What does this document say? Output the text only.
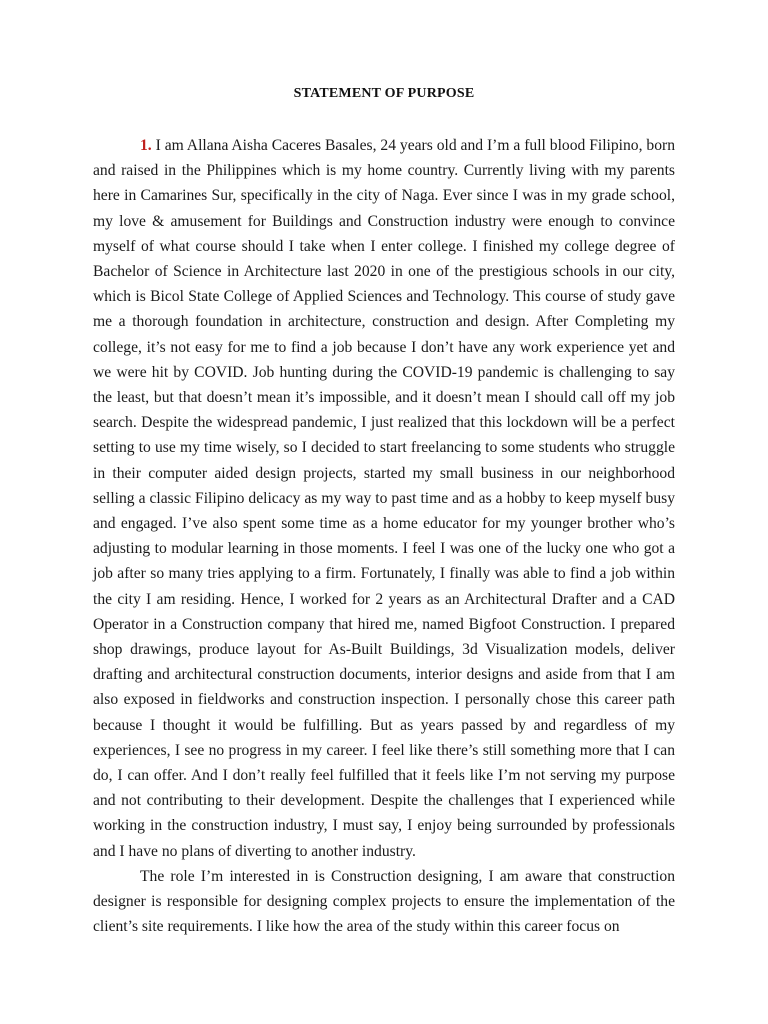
STATEMENT OF PURPOSE

1. I am Allana Aisha Caceres Basales, 24 years old and I’m a full blood Filipino, born and raised in the Philippines which is my home country. Currently living with my parents here in Camarines Sur, specifically in the city of Naga. Ever since I was in my grade school, my love & amusement for Buildings and Construction industry were enough to convince myself of what course should I take when I enter college. I finished my college degree of Bachelor of Science in Architecture last 2020 in one of the prestigious schools in our city, which is Bicol State College of Applied Sciences and Technology. This course of study gave me a thorough foundation in architecture, construction and design. After Completing my college, it’s not easy for me to find a job because I don’t have any work experience yet and we were hit by COVID. Job hunting during the COVID-19 pandemic is challenging to say the least, but that doesn’t mean it’s impossible, and it doesn’t mean I should call off my job search. Despite the widespread pandemic, I just realized that this lockdown will be a perfect setting to use my time wisely, so I decided to start freelancing to some students who struggle in their computer aided design projects, started my small business in our neighborhood selling a classic Filipino delicacy as my way to past time and as a hobby to keep myself busy and engaged. I’ve also spent some time as a home educator for my younger brother who’s adjusting to modular learning in those moments. I feel I was one of the lucky one who got a job after so many tries applying to a firm. Fortunately, I finally was able to find a job within the city I am residing. Hence, I worked for 2 years as an Architectural Drafter and a CAD Operator in a Construction company that hired me, named Bigfoot Construction. I prepared shop drawings, produce layout for As-Built Buildings, 3d Visualization models, deliver drafting and architectural construction documents, interior designs and aside from that I am also exposed in fieldworks and construction inspection. I personally chose this career path because I thought it would be fulfilling. But as years passed by and regardless of my experiences, I see no progress in my career. I feel like there’s still something more that I can do, I can offer. And I don’t really feel fulfilled that it feels like I’m not serving my purpose and not contributing to their development. Despite the challenges that I experienced while working in the construction industry, I must say, I enjoy being surrounded by professionals and I have no plans of diverting to another industry.

The role I’m interested in is Construction designing, I am aware that construction designer is responsible for designing complex projects to ensure the implementation of the client’s site requirements. I like how the area of the study within this career focus on
